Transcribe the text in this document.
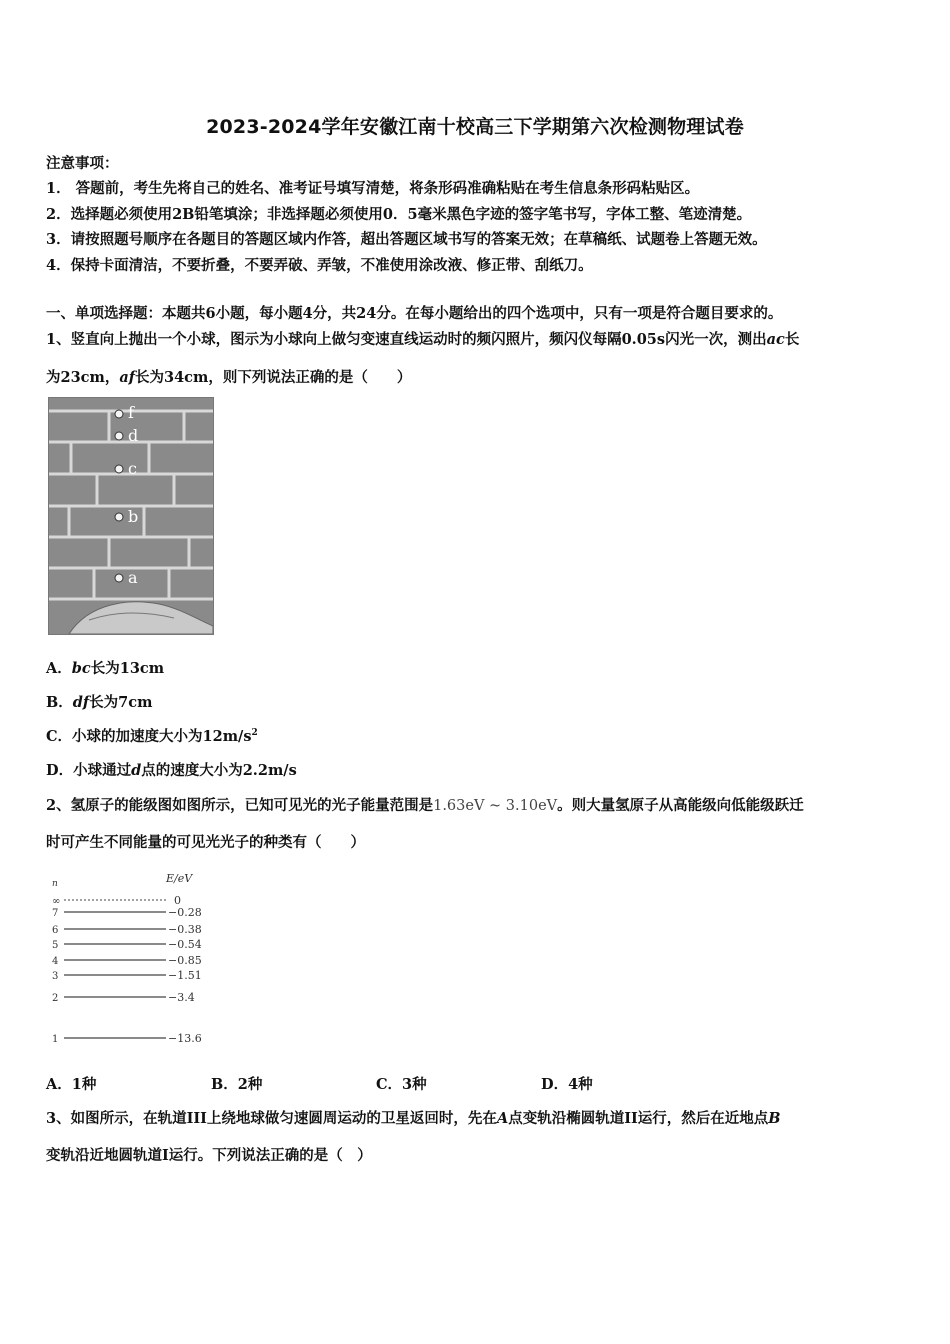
2023-2024学年安徽江南十校高三下学期第六次检测物理试卷
注意事项：
1． 答题前，考生先将自己的姓名、准考证号填写清楚，将条形码准确粘贴在考生信息条形码粘贴区。
2．选择题必须使用2B铅笔填涂；非选择题必须使用0．5毫米黑色字迹的签字笔书写，字体工整、笔迹清楚。
3．请按照题号顺序在各题目的答题区域内作答，超出答题区域书写的答案无效；在草稿纸、试题卷上答题无效。
4．保持卡面清洁，不要折叠，不要弄破、弄皱，不准使用涂改液、修正带、刮纸刀。
一、单项选择题：本题共6小题，每小题4分，共24分。在每小题给出的四个选项中，只有一项是符合题目要求的。
1、竖直向上抛出一个小球，图示为小球向上做匀变速直线运动时的频闪照片，频闪仪每隔0.05s闪光一次，测出ac长
为23cm，af长为34cm，则下列说法正确的是（　　）
f
d
c
b
a
A．bc长为13cm
B．df长为7cm
C．小球的加速度大小为$12m/s^2$
D．小球通过d点的速度大小为2.2m/s
2、氢原子的能级图如图所示，已知可见光的光子能量范围是1.63eV ~ 3.10eV。则大量氢原子从高能级向低能级跃迁
时可产生不同能量的可见光光子的种类有（　　）
n	E/eV
∞	0
7	−0.28
6	−0.38
5	−0.54
4	−0.85
3	−1.51
2	−3.4
1	−13.6
A．1种	B．2种	C．3种	D．4种
3、如图所示，在轨道III上绕地球做匀速圆周运动的卫星返回时，先在A点变轨沿椭圆轨道II运行，然后在近地点B
变轨沿近地圆轨道I运行。下列说法正确的是（　）
